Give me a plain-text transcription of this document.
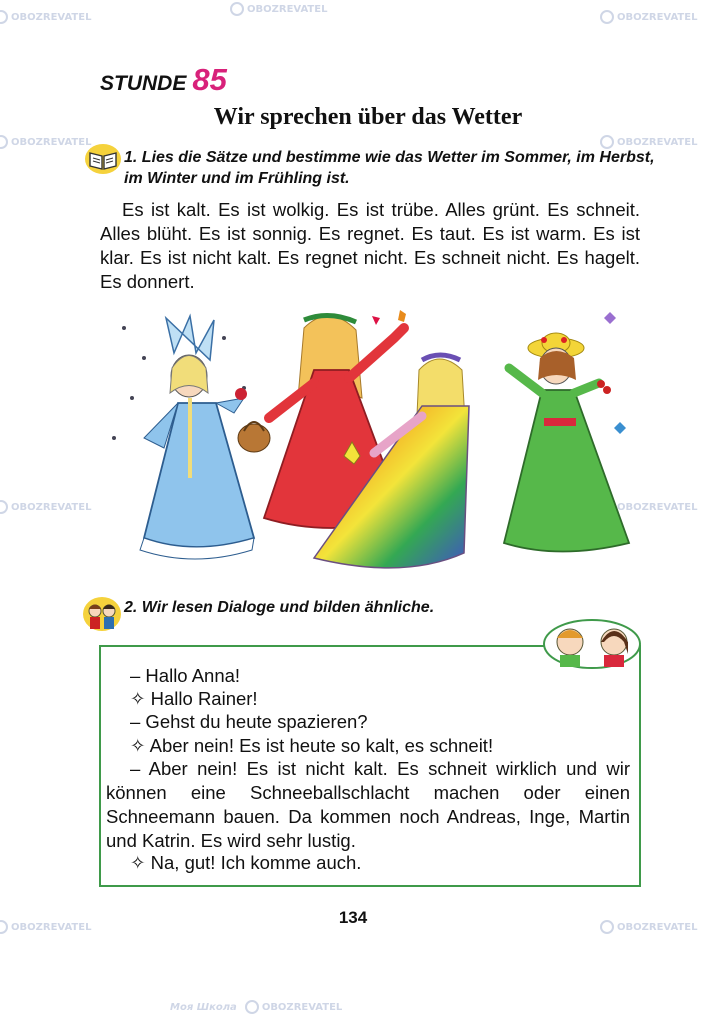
OBOZREVATEL
OBOZREVATEL
OBOZREVATEL
OBOZREVATEL	OBOZREVATEL
OBOZREVATEL	OBOZREVATEL
OBOZREVATEL	OBOZREVATEL
Моя Школа	OBOZREVATEL
STUNDE 85
Wir sprechen über das Wetter
1. Lies die Sätze und bestimme wie das Wetter im Sommer, im Herbst, im Winter und im Frühling ist.
Es ist kalt. Es ist wolkig. Es ist trübe. Alles grünt. Es schneit. Alles blüht. Es ist sonnig. Es regnet. Es taut. Es ist warm. Es ist klar. Es ist nicht kalt. Es regnet nicht. Es schneit nicht. Es hagelt. Es donnert.
2. Wir lesen Dialoge und bilden ähnliche.
– Hallo Anna!
✧ Hallo Rainer!
– Gehst du heute spazieren?
✧ Aber nein! Es ist heute so kalt, es schneit!
– Aber nein! Es ist nicht kalt. Es schneit wirklich und wir können eine Schneeballschlacht machen oder einen Schneemann bauen. Da kommen noch Andreas, Inge, Martin und Katrin. Es wird sehr lustig.
✧ Na, gut! Ich komme auch.
134
